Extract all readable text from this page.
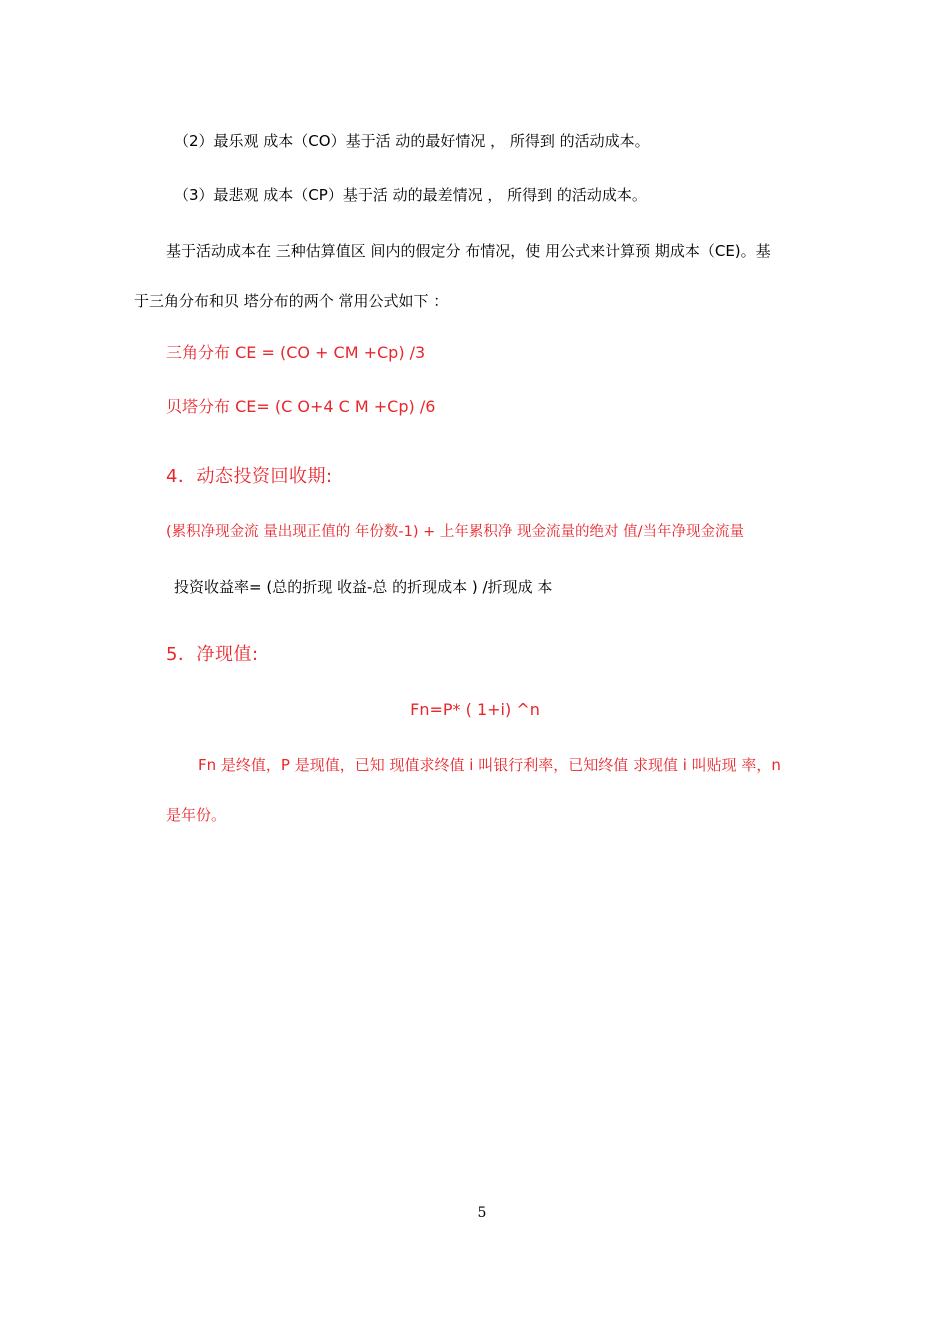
（2）最乐观 成本（CO）基于活 动的最好情况 ， 所得到 的活动成本。
（3）最悲观 成本（CP）基于活 动的最差情况 ， 所得到 的活动成本。
基于活动成本在 三种估算值区 间内的假定分 布情况，使 用公式来计算预 期成本（CE)。基
于三角分布和贝 塔分布的两个 常用公式如下 ：
三角分布 CE = (CO + CM +Cp) /3
贝塔分布 CE= (C O+4 C M +Cp) /6
4．动态投资回收期:
(累积净现金流 量出现正值的 年份数-1) + 上年累积净 现金流量的绝对 值/当年净现金流量
投资收益率= (总的折现 收益-总 的折现成本 ) /折现成 本
5．净现值:
Fn=P* ( 1+i) ^n
Fn 是终值，P 是现值，已知 现值求终值 i 叫银行利率，已知终值 求现值 i 叫贴现 率，n
是年份。
5
